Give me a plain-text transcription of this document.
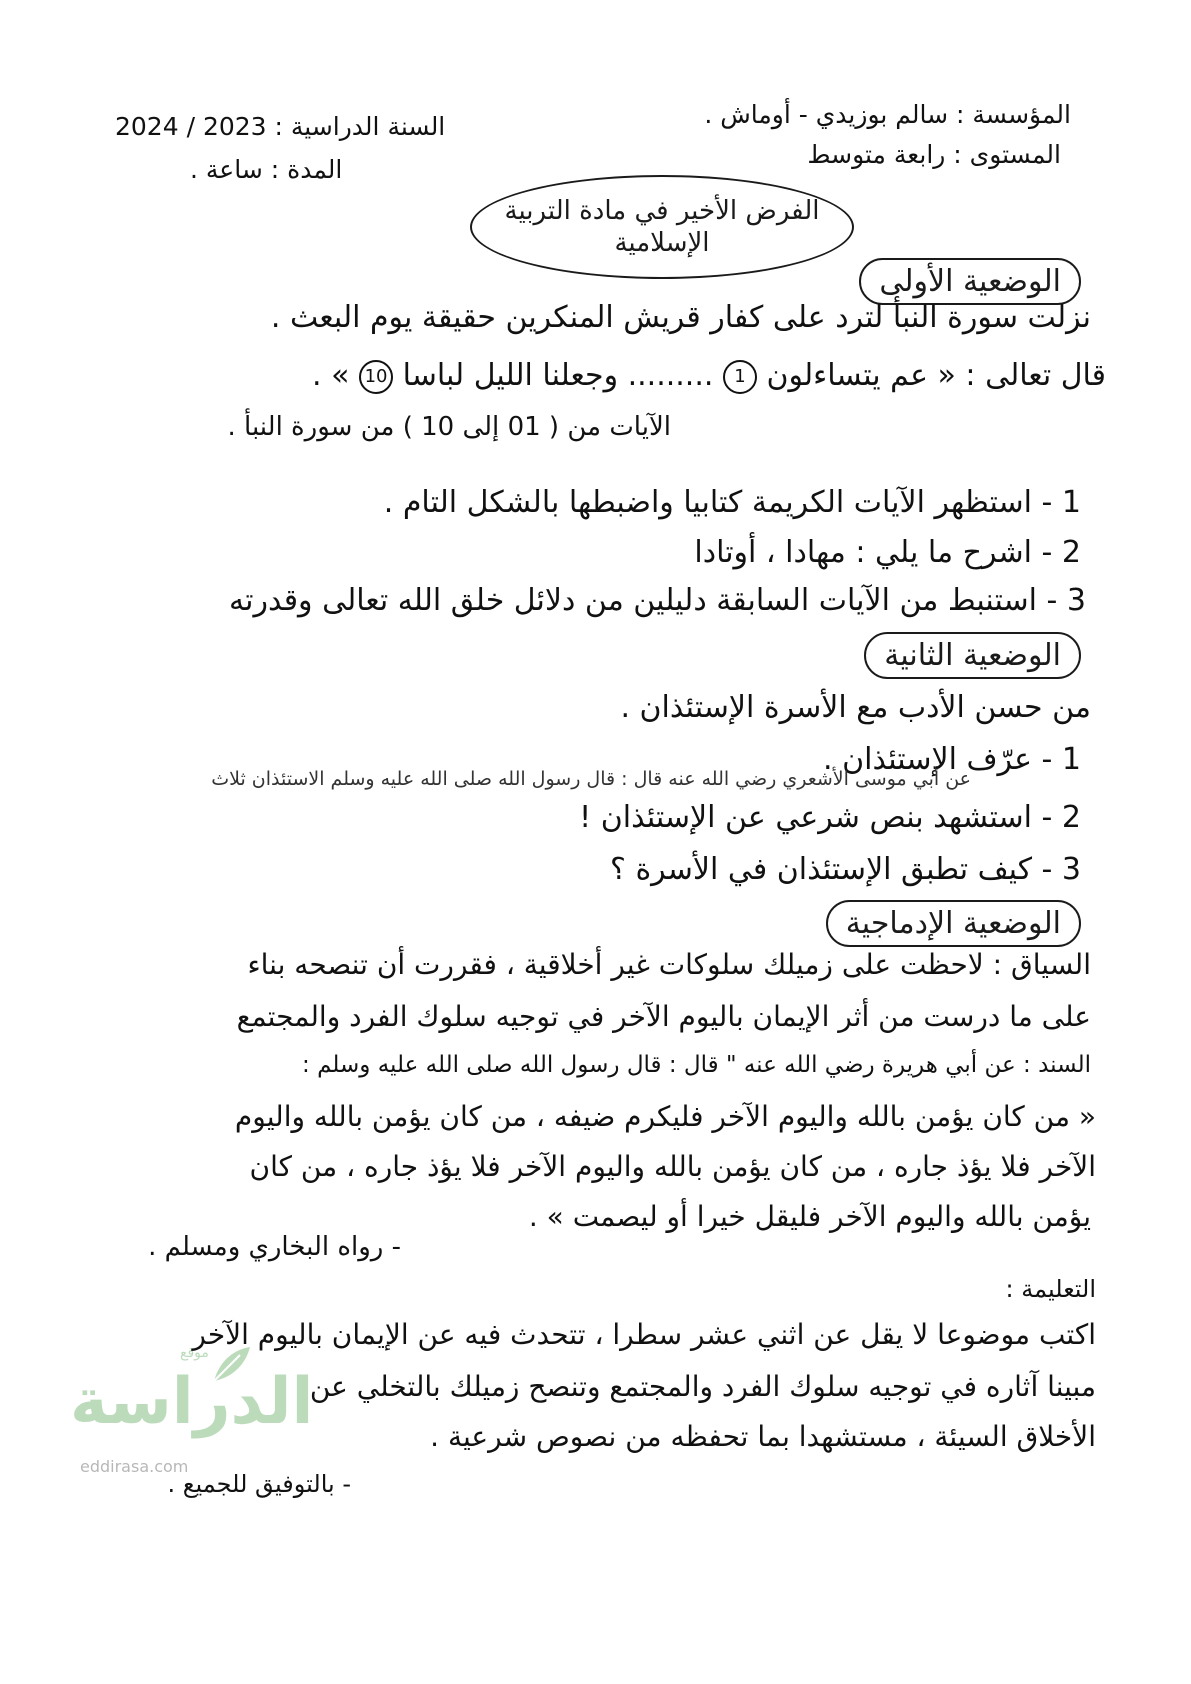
المؤسسة : سالم بوزيدي - أوماش .
السنة الدراسية : 2023 / 2024
المستوى : رابعة متوسط
المدة : ساعة .
الفرض الأخير في مادة التربية الإسلامية
الوضعية الأولى
نزلت سورة النبأ لترد على كفار قريش المنكرين حقيقة يوم البعث .
قال تعالى : « عم يتساءلون 1 ......... وجعلنا الليل لباسا 10 » .
الآيات من ( 01 إلى 10 ) من سورة النبأ .
1 - استظهر الآيات الكريمة كتابيا واضبطها بالشكل التام .
2 - اشرح ما يلي : مهادا ، أوتادا
3 - استنبط من الآيات السابقة دليلين من دلائل خلق الله تعالى وقدرته
الوضعية الثانية
من حسن الأدب مع الأسرة الإستئذان .
1 - عرّف الإستئذان .
عن أبي موسى الأشعري رضي الله عنه قال : قال رسول الله صلى الله عليه وسلم الاستئذان ثلاث
2 - استشهد بنص شرعي عن الإستئذان !
3 - كيف تطبق الإستئذان في الأسرة ؟
الوضعية الإدماجية
السياق : لاحظت على زميلك سلوكات غير أخلاقية ، فقررت أن تنصحه بناء
على ما درست من أثر الإيمان باليوم الآخر في توجيه سلوك الفرد والمجتمع
السند : عن أبي هريرة رضي الله عنه " قال : قال رسول الله صلى الله عليه وسلم :
« من كان يؤمن بالله واليوم الآخر فليكرم ضيفه ، من كان يؤمن بالله واليوم
الآخر فلا يؤذ جاره ، من كان يؤمن بالله واليوم الآخر فلا يؤذ جاره ، من كان
يؤمن بالله واليوم الآخر فليقل خيرا أو ليصمت » .
- رواه البخاري ومسلم .
التعليمة :
اكتب موضوعا لا يقل عن اثني عشر سطرا ، تتحدث فيه عن الإيمان باليوم الآخر
مبينا آثاره في توجيه سلوك الفرد والمجتمع وتنصح زميلك بالتخلي عن
الأخلاق السيئة ، مستشهدا بما تحفظه من نصوص شرعية .
- بالتوفيق للجميع .
موقع
الدراسة
eddirasa.com
